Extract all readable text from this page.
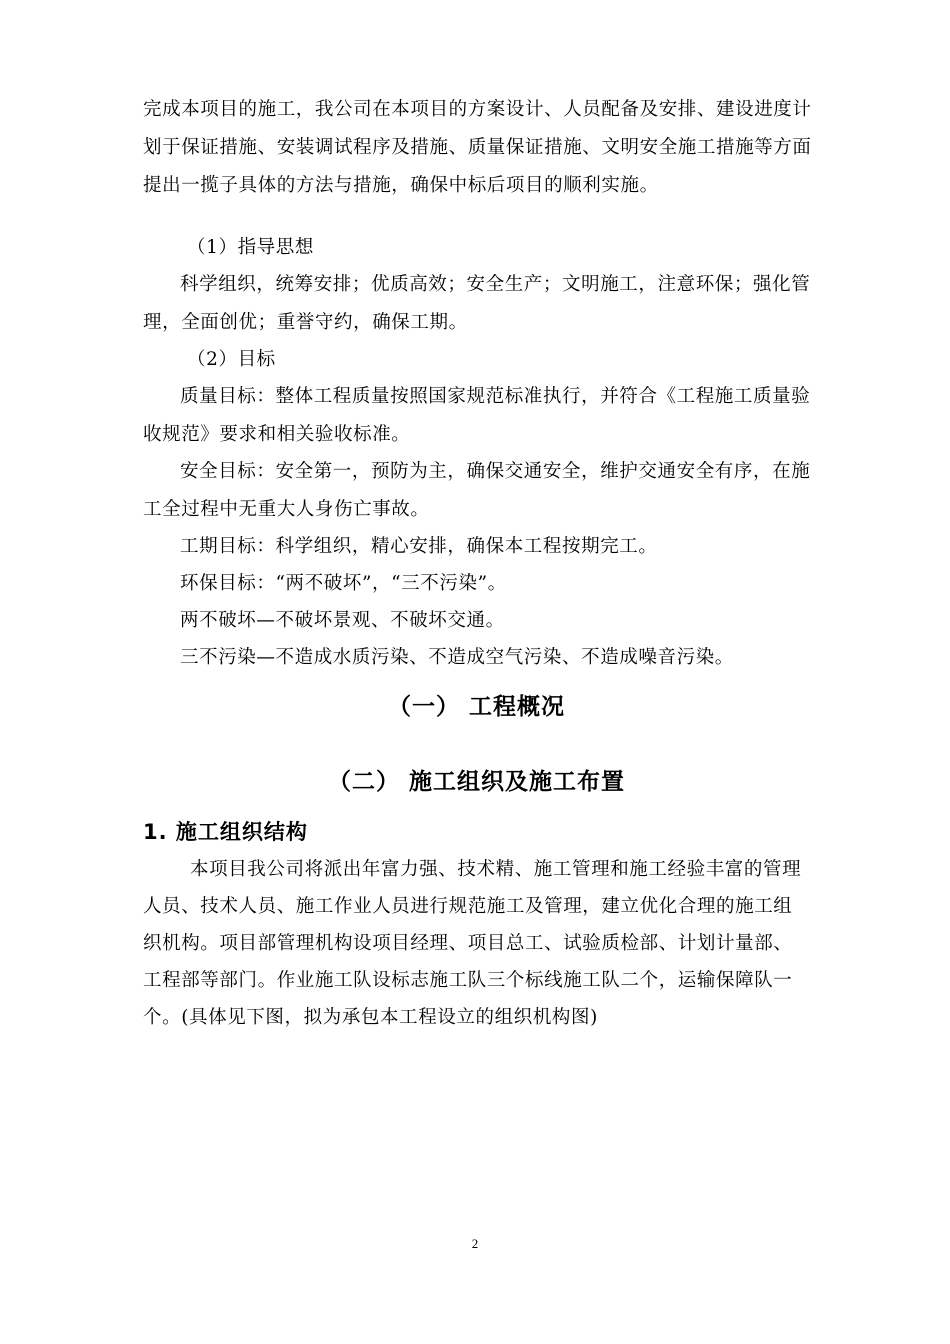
完成本项目的施工，我公司在本项目的方案设计、人员配备及安排、建设进度计
划于保证措施、安装调试程序及措施、质量保证措施、文明安全施工措施等方面
提出一揽子具体的方法与措施，确保中标后项目的顺利实施。
（1）指导思想
科学组织，统筹安排；优质高效；安全生产；文明施工，注意环保；强化管
理，全面创优；重誉守约，确保工期。
（2）目标
质量目标：整体工程质量按照国家规范标准执行，并符合《工程施工质量验
收规范》要求和相关验收标准。
安全目标：安全第一，预防为主，确保交通安全，维护交通安全有序，在施
工全过程中无重大人身伤亡事故。
工期目标：科学组织，精心安排，确保本工程按期完工。
环保目标：“两不破坏”，“三不污染”。
两不破坏—不破坏景观、不破坏交通。
三不污染—不造成水质污染、不造成空气污染、不造成噪音污染。
（一） 工程概况
（二） 施工组织及施工布置
1. 施工组织结构
本项目我公司将派出年富力强、技术精、施工管理和施工经验丰富的管理
人员、技术人员、施工作业人员进行规范施工及管理，建立优化合理的施工组
织机构。项目部管理机构设项目经理、项目总工、试验质检部、计划计量部、
工程部等部门。作业施工队设标志施工队三个标线施工队二个，运输保障队一
个。(具体见下图，拟为承包本工程设立的组织机构图)
2
